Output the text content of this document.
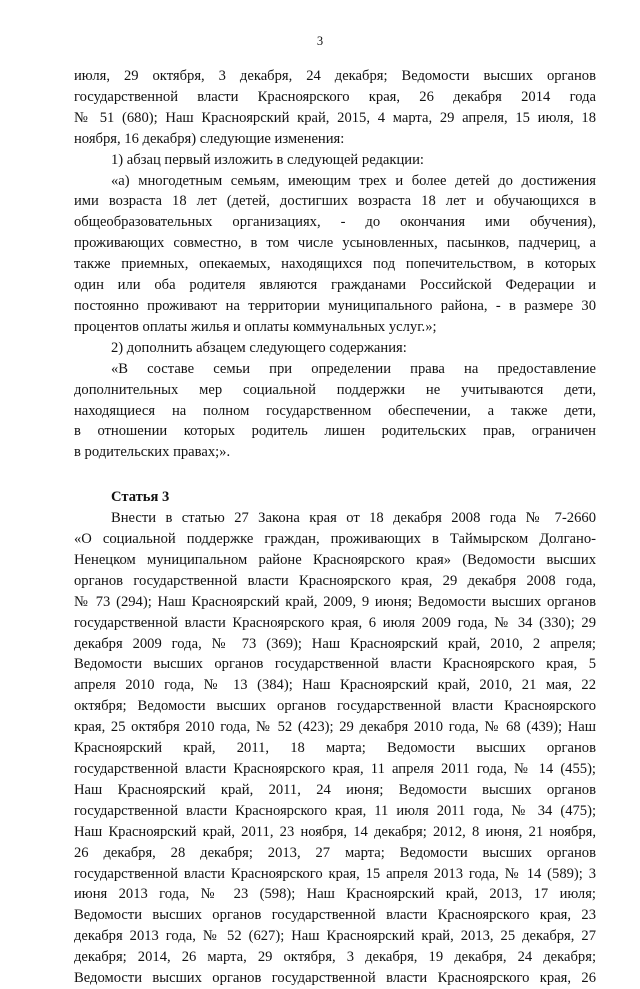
3
июля, 29 октября, 3 декабря, 24 декабря; Ведомости высших органов
государственной власти Красноярского края, 26 декабря 2014 года
№ 51 (680); Наш Красноярский край, 2015, 4 марта, 29 апреля, 15 июля, 18
ноября, 16 декабря) следующие изменения:
1) абзац первый изложить в следующей редакции:
«а) многодетным семьям, имеющим трех и более детей до достижения
ими возраста 18 лет (детей, достигших возраста 18 лет и обучающихся в
общеобразовательных организациях, - до окончания ими обучения),
проживающих совместно, в том числе усыновленных, пасынков, падчериц, а
также приемных, опекаемых, находящихся под попечительством, в которых
один или оба родителя являются гражданами Российской Федерации и
постоянно проживают на территории муниципального района, - в размере 30
процентов оплаты жилья и оплаты коммунальных услуг.»;
2) дополнить абзацем следующего содержания:
«В составе семьи при определении права на предоставление
дополнительных мер социальной поддержки не учитываются дети,
находящиеся на полном государственном обеспечении, а также дети,
в отношении которых родитель лишен родительских прав, ограничен
в родительских правах;».
Статья 3
Внести в статью 27 Закона края от 18 декабря 2008 года № 7-2660
«О социальной поддержке граждан, проживающих в Таймырском Долгано-
Ненецком муниципальном районе Красноярского края» (Ведомости высших
органов государственной власти Красноярского края, 29 декабря 2008 года,
№ 73 (294); Наш Красноярский край, 2009, 9 июня; Ведомости высших органов
государственной власти Красноярского края, 6 июля 2009 года, № 34 (330); 29
декабря 2009 года, № 73 (369); Наш Красноярский край, 2010, 2 апреля;
Ведомости высших органов государственной власти Красноярского края, 5
апреля 2010 года, № 13 (384); Наш Красноярский край, 2010, 21 мая, 22
октября; Ведомости высших органов государственной власти Красноярского
края, 25 октября 2010 года, № 52 (423); 29 декабря 2010 года, № 68 (439); Наш
Красноярский край, 2011, 18 марта; Ведомости высших органов
государственной власти Красноярского края, 11 апреля 2011 года, № 14 (455);
Наш Красноярский край, 2011, 24 июня; Ведомости высших органов
государственной власти Красноярского края, 11 июля 2011 года, № 34 (475);
Наш Красноярский край, 2011, 23 ноября, 14 декабря; 2012, 8 июня, 21 ноября,
26 декабря, 28 декабря; 2013, 27 марта; Ведомости высших органов
государственной власти Красноярского края, 15 апреля 2013 года, № 14 (589); 3
июня 2013 года, № 23 (598); Наш Красноярский край, 2013, 17 июля;
Ведомости высших органов государственной власти Красноярского края, 23
декабря 2013 года, № 52 (627); Наш Красноярский край, 2013, 25 декабря, 27
декабря; 2014, 26 марта, 29 октября, 3 декабря, 19 декабря, 24 декабря;
Ведомости высших органов государственной власти Красноярского края, 26
